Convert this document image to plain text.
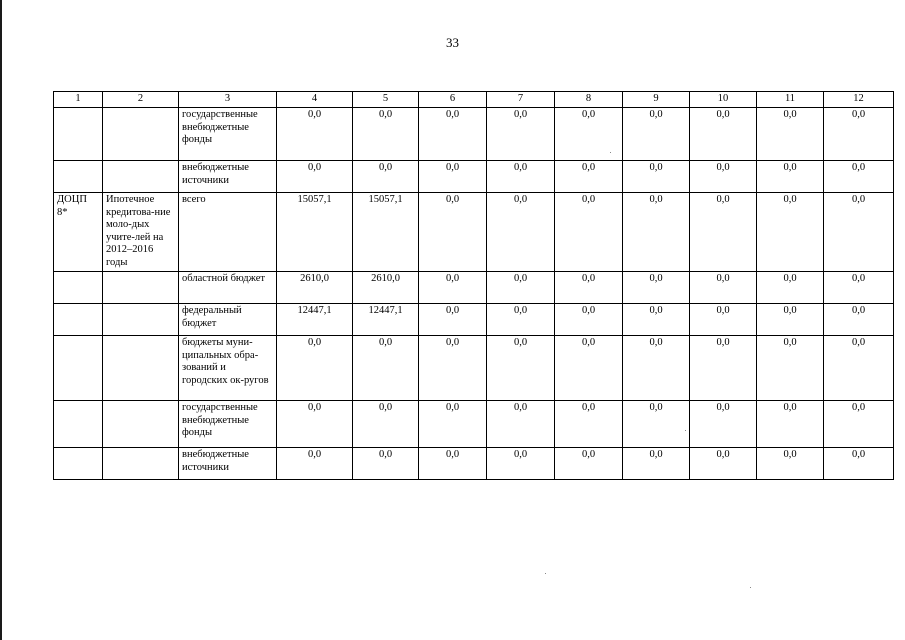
33
1	2	3	4	5	6	7	8	9	10	11	12
		государственные внебюджетные фонды	0,0	0,0	0,0	0,0	0,0	0,0	0,0	0,0	0,0
		внебюджетные источники	0,0	0,0	0,0	0,0	0,0	0,0	0,0	0,0	0,0
ДОЦП 8*	Ипотечное кредитова-ние моло-дых учите-лей на 2012–2016 годы	всего	15057,1	15057,1	0,0	0,0	0,0	0,0	0,0	0,0	0,0
		областной бюджет	2610,0	2610,0	0,0	0,0	0,0	0,0	0,0	0,0	0,0
		федеральный бюджет	12447,1	12447,1	0,0	0,0	0,0	0,0	0,0	0,0	0,0
		бюджеты муни-ципальных обра-зований и городских ок-ругов	0,0	0,0	0,0	0,0	0,0	0,0	0,0	0,0	0,0
		государственные внебюджетные фонды	0,0	0,0	0,0	0,0	0,0	0,0	0,0	0,0	0,0
		внебюджетные источники	0,0	0,0	0,0	0,0	0,0	0,0	0,0	0,0	0,0
